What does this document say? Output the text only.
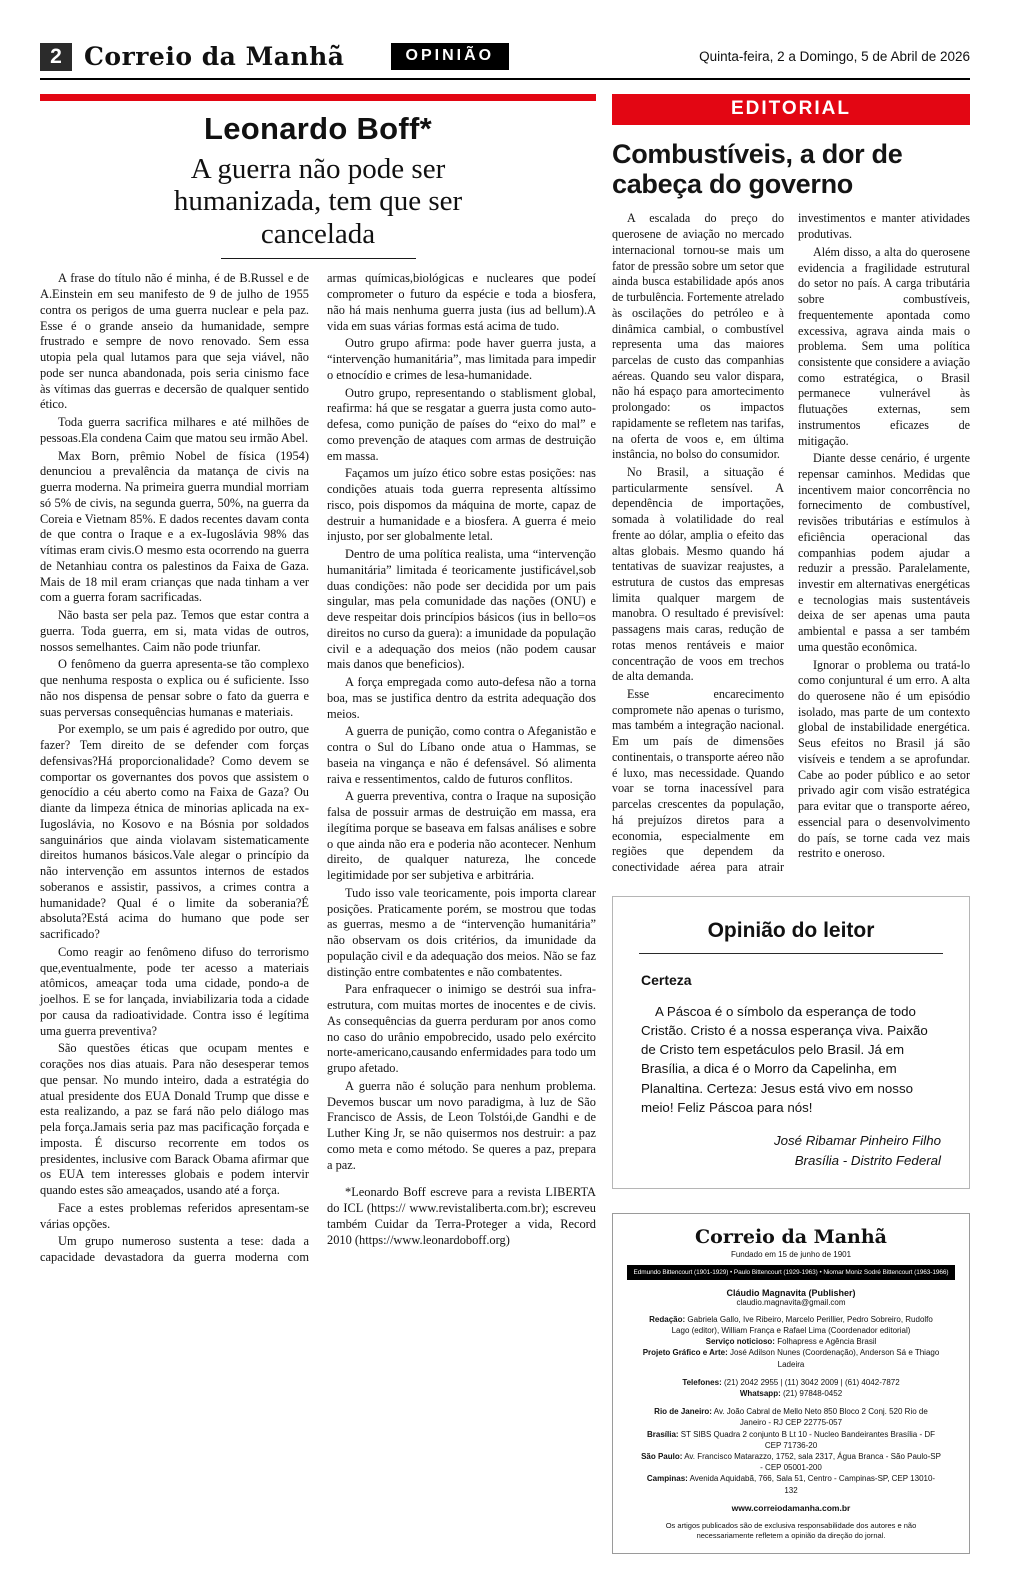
2 Correio da Manhã	OPINIÃO	Quinta-feira, 2 a Domingo, 5 de Abril de 2026
Leonardo Boff*
A guerra não pode ser humanizada, tem que ser cancelada

A frase do título não é minha, é de B.Russel e de A.Einstein em seu manifesto de 9 de julho de 1955 contra os perigos de uma guerra nuclear e pela paz. Esse é o grande anseio da humanidade, sempre frustrado e sempre de novo renovado. Sem essa utopia pela qual lutamos para que seja viável, não pode ser nunca abandonada, pois seria cinismo face às vítimas das guerras e decersão de qualquer sentido ético.

Toda guerra sacrifica milhares e até milhões de pessoas.Ela condena Caim que matou seu irmão Abel.

Max Born, prêmio Nobel de física (1954) denunciou a prevalência da matança de civis na guerra moderna. Na primeira guerra mundial morriam só 5% de civis, na segunda guerra, 50%, na guerra da Coreia e Vietnam 85%. E dados recentes davam conta de que contra o Iraque e a ex-Iugoslávia 98% das vítimas eram civis.O mesmo esta ocorrendo na guerra de Netanhiau contra os palestinos da Faixa de Gaza. Mais de 18 mil eram crianças que nada tinham a ver com a guerra foram sacrificadas.

Não basta ser pela paz. Temos que estar contra a guerra. Toda guerra, em si, mata vidas de outros, nossos semelhantes. Caim não pode triunfar.

O fenômeno da guerra apresenta-se tão complexo que nenhuma resposta o explica ou é suficiente. Isso não nos dispensa de pensar sobre o fato da guerra e suas perversas consequências humanas e materiais.

Por exemplo, se um pais é agredido por outro, que fazer? Tem direito de se defender com forças defensivas?Há proporcionalidade? Como devem se comportar os governantes dos povos que assistem o genocídio a céu aberto como na Faixa de Gaza? Ou diante da limpeza étnica de minorias aplicada na ex-Iugoslávia, no Kosovo e na Bósnia por soldados sanguinários que ainda violavam sistematicamente direitos humanos básicos.Vale alegar o princípio da não intervenção em assuntos internos de estados soberanos e assistir, passivos, a crimes contra a humanidade? Qual é o limite da soberania?É absoluta?Está acima do humano que pode ser sacrificado?

Como reagir ao fenômeno difuso do terrorismo que,eventualmente, pode ter acesso a materiais atômicos, ameaçar toda uma cidade, pondo-a de joelhos. E se for lançada, inviabilizaria toda a cidade por causa da radioatividade. Contra isso é legítima uma guerra preventiva?

São questões éticas que ocupam mentes e corações nos dias atuais. Para não desesperar temos que pensar. No mundo inteiro, dada a estratégia do atual presidente dos EUA Donald Trump que disse e esta realizando, a paz se fará não pelo diálogo mas pela força.Jamais seria paz mas pacificação forçada e imposta. É discurso recorrente em todos os presidentes, inclusive com Barack Obama afirmar que os EUA tem interesses globais e podem intervir quando estes são ameaçados, usando até a força.

Face a estes problemas referidos apresentam-se várias opções.

Um grupo numeroso sustenta a tese: dada a capacidade devastadora da guerra moderna com armas químicas,biológicas e nucleares que podeí comprometer o futuro da espécie e toda a biosfera, não há mais nenhuma guerra justa (ius ad bellum).A vida em suas várias formas está acima de tudo.

Outro grupo afirma: pode haver guerra justa, a “intervenção humanitária”, mas limitada para impedir o etnocídio e crimes de lesa-humanidade.

Outro grupo, representando o stablisment global, reafirma: há que se resgatar a guerra justa como auto-defesa, como punição de países do “eixo do mal” e como prevenção de ataques com armas de destruição em massa.

Façamos um juízo ético sobre estas posições: nas condições atuais toda guerra representa altíssimo risco, pois dispomos da máquina de morte, capaz de destruir a humanidade e a biosfera. A guerra é meio injusto, por ser globalmente letal.

Dentro de uma política realista, uma “intervenção humanitária” limitada é teoricamente justificável,sob duas condições: não pode ser decidida por um pais singular, mas pela comunidade das nações (ONU) e deve respeitar dois princípios básicos (ius in bello=os direitos no curso da guera): a imunidade da população civil e a adequação dos meios (não podem causar mais danos que beneficios).

A força empregada como auto-defesa não a torna boa, mas se justifica dentro da estrita adequação dos meios.

A guerra de punição, como contra o Afeganistão e contra o Sul do Líbano onde atua o Hammas, se baseia na vingança e não é defensável. Só alimenta raiva e ressentimentos, caldo de futuros conflitos.

A guerra preventiva, contra o Iraque na suposição falsa de possuir armas de destruição em massa, era ilegítima porque se baseava em falsas análises e sobre o que ainda não era e poderia não acontecer. Nenhum direito, de qualquer natureza, lhe concede legitimidade por ser subjetiva e arbitrária.

Tudo isso vale teoricamente, pois importa clarear posições. Praticamente porém, se mostrou que todas as guerras, mesmo a de “intervenção humanitária” não observam os dois critérios, da imunidade da população civil e da adequação dos meios. Não se faz distinção entre combatentes e não combatentes.

Para enfraquecer o inimigo se destrói sua infra-estrutura, com muitas mortes de inocentes e de civis. As consequências da guerra perduram por anos como no caso do urânio empobrecido, usado pelo exército norte-americano,causando enfermidades para todo um grupo afetado.

A guerra não é solução para nenhum problema. Devemos buscar um novo paradigma, à luz de São Francisco de Assis, de Leon Tolstói,de Gandhi e de Luther King Jr, se não quisermos nos destruir: a paz como meta e como método. Se queres a paz, prepara a paz.

*Leonardo Boff escreve para a revista LIBERTA do ICL (https:// www.revistaliberta.com.br); escreveu também Cuidar da Terra-Proteger a vida, Record 2010 (https://www.leonardoboff.org)

EDITORIAL
Combustíveis, a dor de cabeça do governo

A escalada do preço do querosene de aviação no mercado internacional tornou-se mais um fator de pressão sobre um setor que ainda busca estabilidade após anos de turbulência. Fortemente atrelado às oscilações do petróleo e à dinâmica cambial, o combustível representa uma das maiores parcelas de custo das companhias aéreas. Quando seu valor dispara, não há espaço para amortecimento prolongado: os impactos rapidamente se refletem nas tarifas, na oferta de voos e, em última instância, no bolso do consumidor.

No Brasil, a situação é particularmente sensível. A dependência de importações, somada à volatilidade do real frente ao dólar, amplia o efeito das altas globais. Mesmo quando há tentativas de suavizar reajustes, a estrutura de custos das empresas limita qualquer margem de manobra. O resultado é previsível: passagens mais caras, redução de rotas menos rentáveis e maior concentração de voos em trechos de alta demanda.

Esse encarecimento compromete não apenas o turismo, mas também a integração nacional. Em um país de dimensões continentais, o transporte aéreo não é luxo, mas necessidade. Quando voar se torna inacessível para parcelas crescentes da população, há prejuízos diretos para a economia, especialmente em regiões que dependem da conectividade aérea para atrair investimentos e manter atividades produtivas.

Além disso, a alta do querosene evidencia a fragilidade estrutural do setor no país. A carga tributária sobre combustíveis, frequentemente apontada como excessiva, agrava ainda mais o problema. Sem uma política consistente que considere a aviação como estratégica, o Brasil permanece vulnerável às flutuações externas, sem instrumentos eficazes de mitigação.

Diante desse cenário, é urgente repensar caminhos. Medidas que incentivem maior concorrência no fornecimento de combustível, revisões tributárias e estímulos à eficiência operacional das companhias podem ajudar a reduzir a pressão. Paralelamente, investir em alternativas energéticas e tecnologias mais sustentáveis deixa de ser apenas uma pauta ambiental e passa a ser também uma questão econômica.

Ignorar o problema ou tratá-lo como conjuntural é um erro. A alta do querosene não é um episódio isolado, mas parte de um contexto global de instabilidade energética. Seus efeitos no Brasil já são visíveis e tendem a se aprofundar. Cabe ao poder público e ao setor privado agir com visão estratégica para evitar que o transporte aéreo, essencial para o desenvolvimento do país, se torne cada vez mais restrito e oneroso.

Opinião do leitor
Certeza
A Páscoa é o símbolo da esperança de todo Cristão. Cristo é a nossa esperança viva. Paixão de Cristo tem espetáculos pelo Brasil. Já em Brasília, a dica é o Morro da Capelinha, em Planaltina. Certeza: Jesus está vivo em nosso meio! Feliz Páscoa para nós!
José Ribamar Pinheiro Filho
Brasília - Distrito Federal
Correio da Manhã
Fundado em 15 de junho de 1901
Edmundo Bittencourt (1901-1929) • Paulo Bittencourt (1929-1963) • Niomar Moniz Sodré Bittencourt (1963-1966)
Cláudio Magnavita (Publisher)
claudio.magnavita@gmail.com
Redação: Gabriela Gallo, Ive Ribeiro, Marcelo Perillier, Pedro Sobreiro, Rudolfo Lago (editor), William França e Rafael Lima (Coordenador editorial)
Serviço noticioso: Folhapress e Agência Brasil
Projeto Gráfico e Arte: José Adilson Nunes (Coordenação), Anderson Sá e Thiago Ladeira
Telefones: (21) 2042 2955 | (11) 3042 2009 | (61) 4042-7872
Whatsapp: (21) 97848-0452
Rio de Janeiro: Av. João Cabral de Mello Neto 850 Bloco 2 Conj. 520 Rio de Janeiro - RJ CEP 22775-057
Brasília: ST SIBS Quadra 2 conjunto B Lt 10 - Nucleo Bandeirantes Brasília - DF CEP 71736-20
São Paulo: Av. Francisco Matarazzo, 1752, sala 2317, Água Branca - São Paulo-SP - CEP 05001-200
Campinas: Avenida Aquidabã, 766, Sala 51, Centro - Campinas-SP, CEP 13010-132
www.correiodamanha.com.br
Os artigos publicados são de exclusiva responsabilidade dos autores e não necessariamente refletem a opinião da direção do jornal.
